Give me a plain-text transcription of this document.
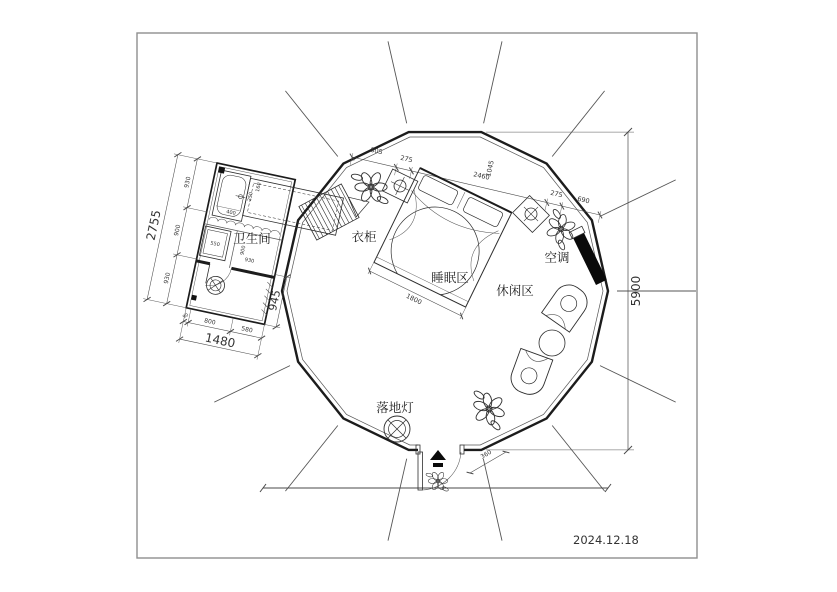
5900
805
275
2460
1045
275
690
400
250
160
550
900
930
930
900
930
2755
90
800
580
1480
945	1800
360
卫生间	衣柜
睡眠区
休闲区
空调
落地灯
2024.12.18
